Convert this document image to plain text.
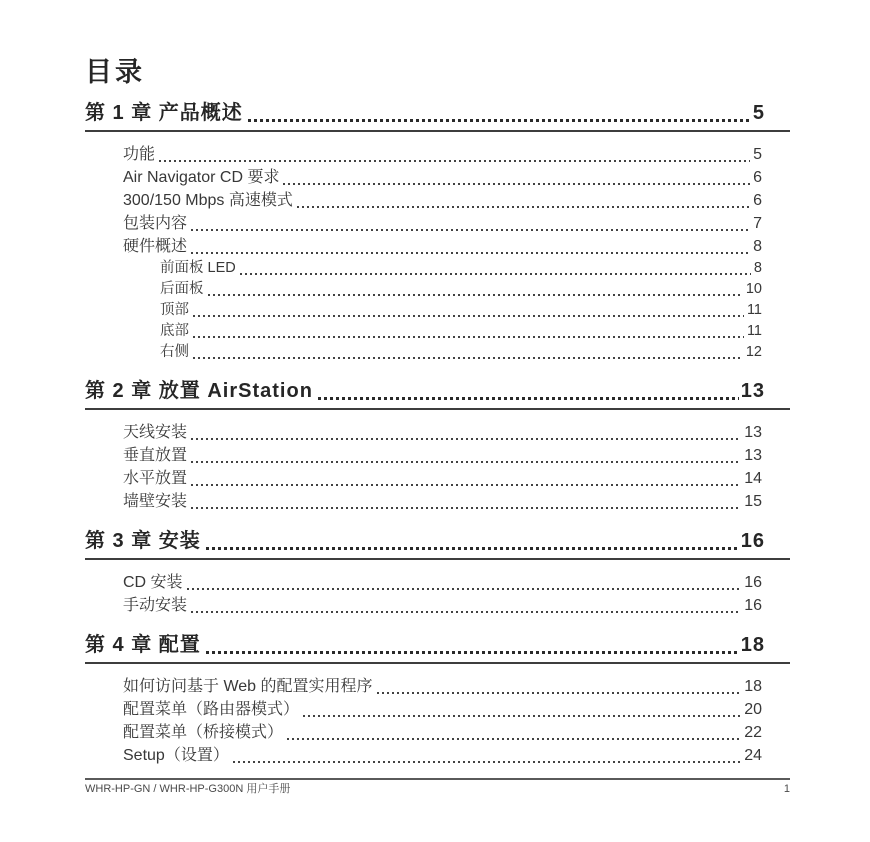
目录
第 1 章 产品概述	5
功能	5
Air Navigator CD 要求	6
300/150 Mbps 高速模式	6
包装内容	7
硬件概述	8
前面板 LED	8
后面板	10
顶部	11
底部	11
右侧	12
第 2 章 放置 AirStation	13
天线安装	13
垂直放置	13
水平放置	14
墙壁安装	15
第 3 章 安装	16
CD 安装	16
手动安装	16
第 4 章 配置	18
如何访问基于 Web 的配置实用程序	18
配置菜单（路由器模式）	20
配置菜单（桥接模式）	22
Setup（设置）	24
WHR-HP-GN / WHR-HP-G300N 用户手册	1
